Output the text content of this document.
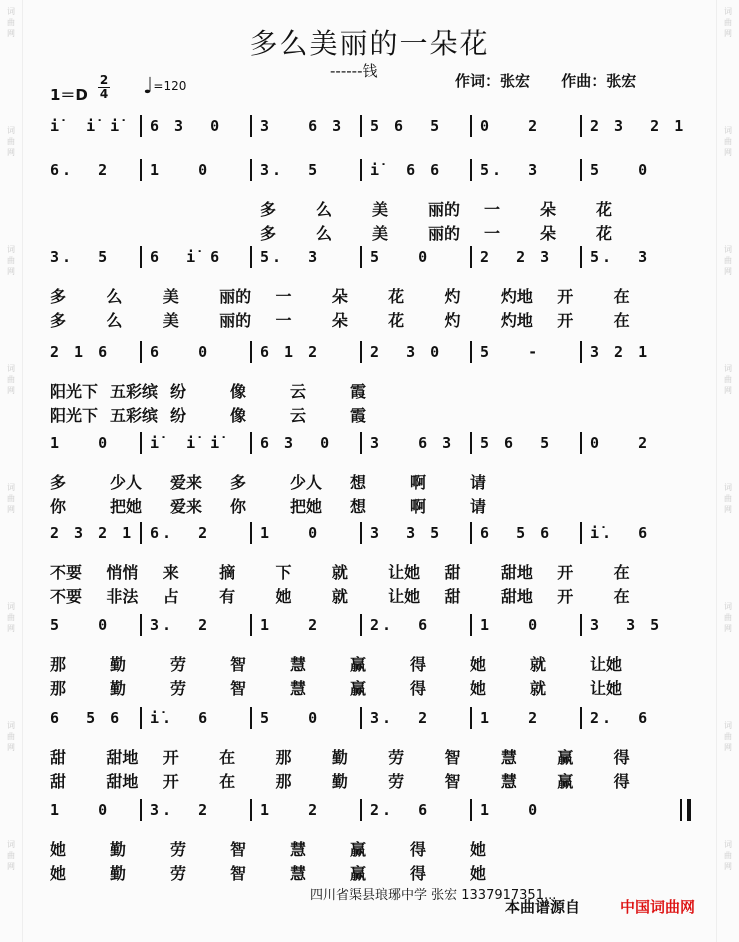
词
曲
网
词
曲
网
词
曲
网
词
曲
网
词
曲
网
词
曲
网
词
曲
网
词
曲
网
词
曲
网
词
曲
网
词
曲
网
词
曲
网
词
曲
网
词
曲
网
词
曲
网
词
曲
网
多么美丽的一朵花
------钱
作词：张宏 作曲：张宏
1＝D
2
4 ♩=120
i̇  i̇ i̇ 6 3  0	3   6 3 5 6  5	0   2	2 3  2 1
6.  2	1   0	3.  5	i̇  6 6	5.  3	5   0
多 么 美 丽的 一 朵 花
多 么 美 丽的 一 朵 花
3.  5	6  i̇ 6	5.  3	5   0	2  2 3	5.  3
多	么	美	丽的 一	朵	花	灼	灼地 开	在
多	么	美	丽的 一	朵	花	灼	灼地 开	在
2 1 6	6   0	6 1 2	2  3 0	5   -	3 2 1
阳光下 五彩缤 纷	像	云	霞
阳光下 五彩缤 纷	像	云	霞
1   0	i̇  i̇ i̇	6 3  0	3   6 3 5 6  5	0   2
多	少人 爱来 多	少人 想	啊	请
你	把她 爱来 你	把她 想	啊	请
2 3 2 1 6.  2	1   0	3  3 5	6  5 6	i̇.  6
不要 悄悄 来	摘	下	就	让她 甜	甜地 开	在
不要 非法 占	有	她	就	让她 甜	甜地 开	在
5   0	3.  2	1   2	2.  6	1   0	3  3 5
那	勤	劳	智	慧	赢	得	她	就	让她
那	勤	劳	智	慧	赢	得	她	就	让她
6  5 6 i̇.  6	5   0	3.  2	1   2	2.  6
甜	甜地 开	在	那	勤	劳	智	慧	赢	得
甜	甜地 开	在	那	勤	劳	智	慧	赢	得
1   0	3.  2	1   2	2.  6	1   0
她	勤	劳	智	慧	赢	得	她
她	勤	劳	智	慧	赢	得	她
四川省渠县琅琊中学 张宏 1337917351...
本曲谱源自	中国词曲网
